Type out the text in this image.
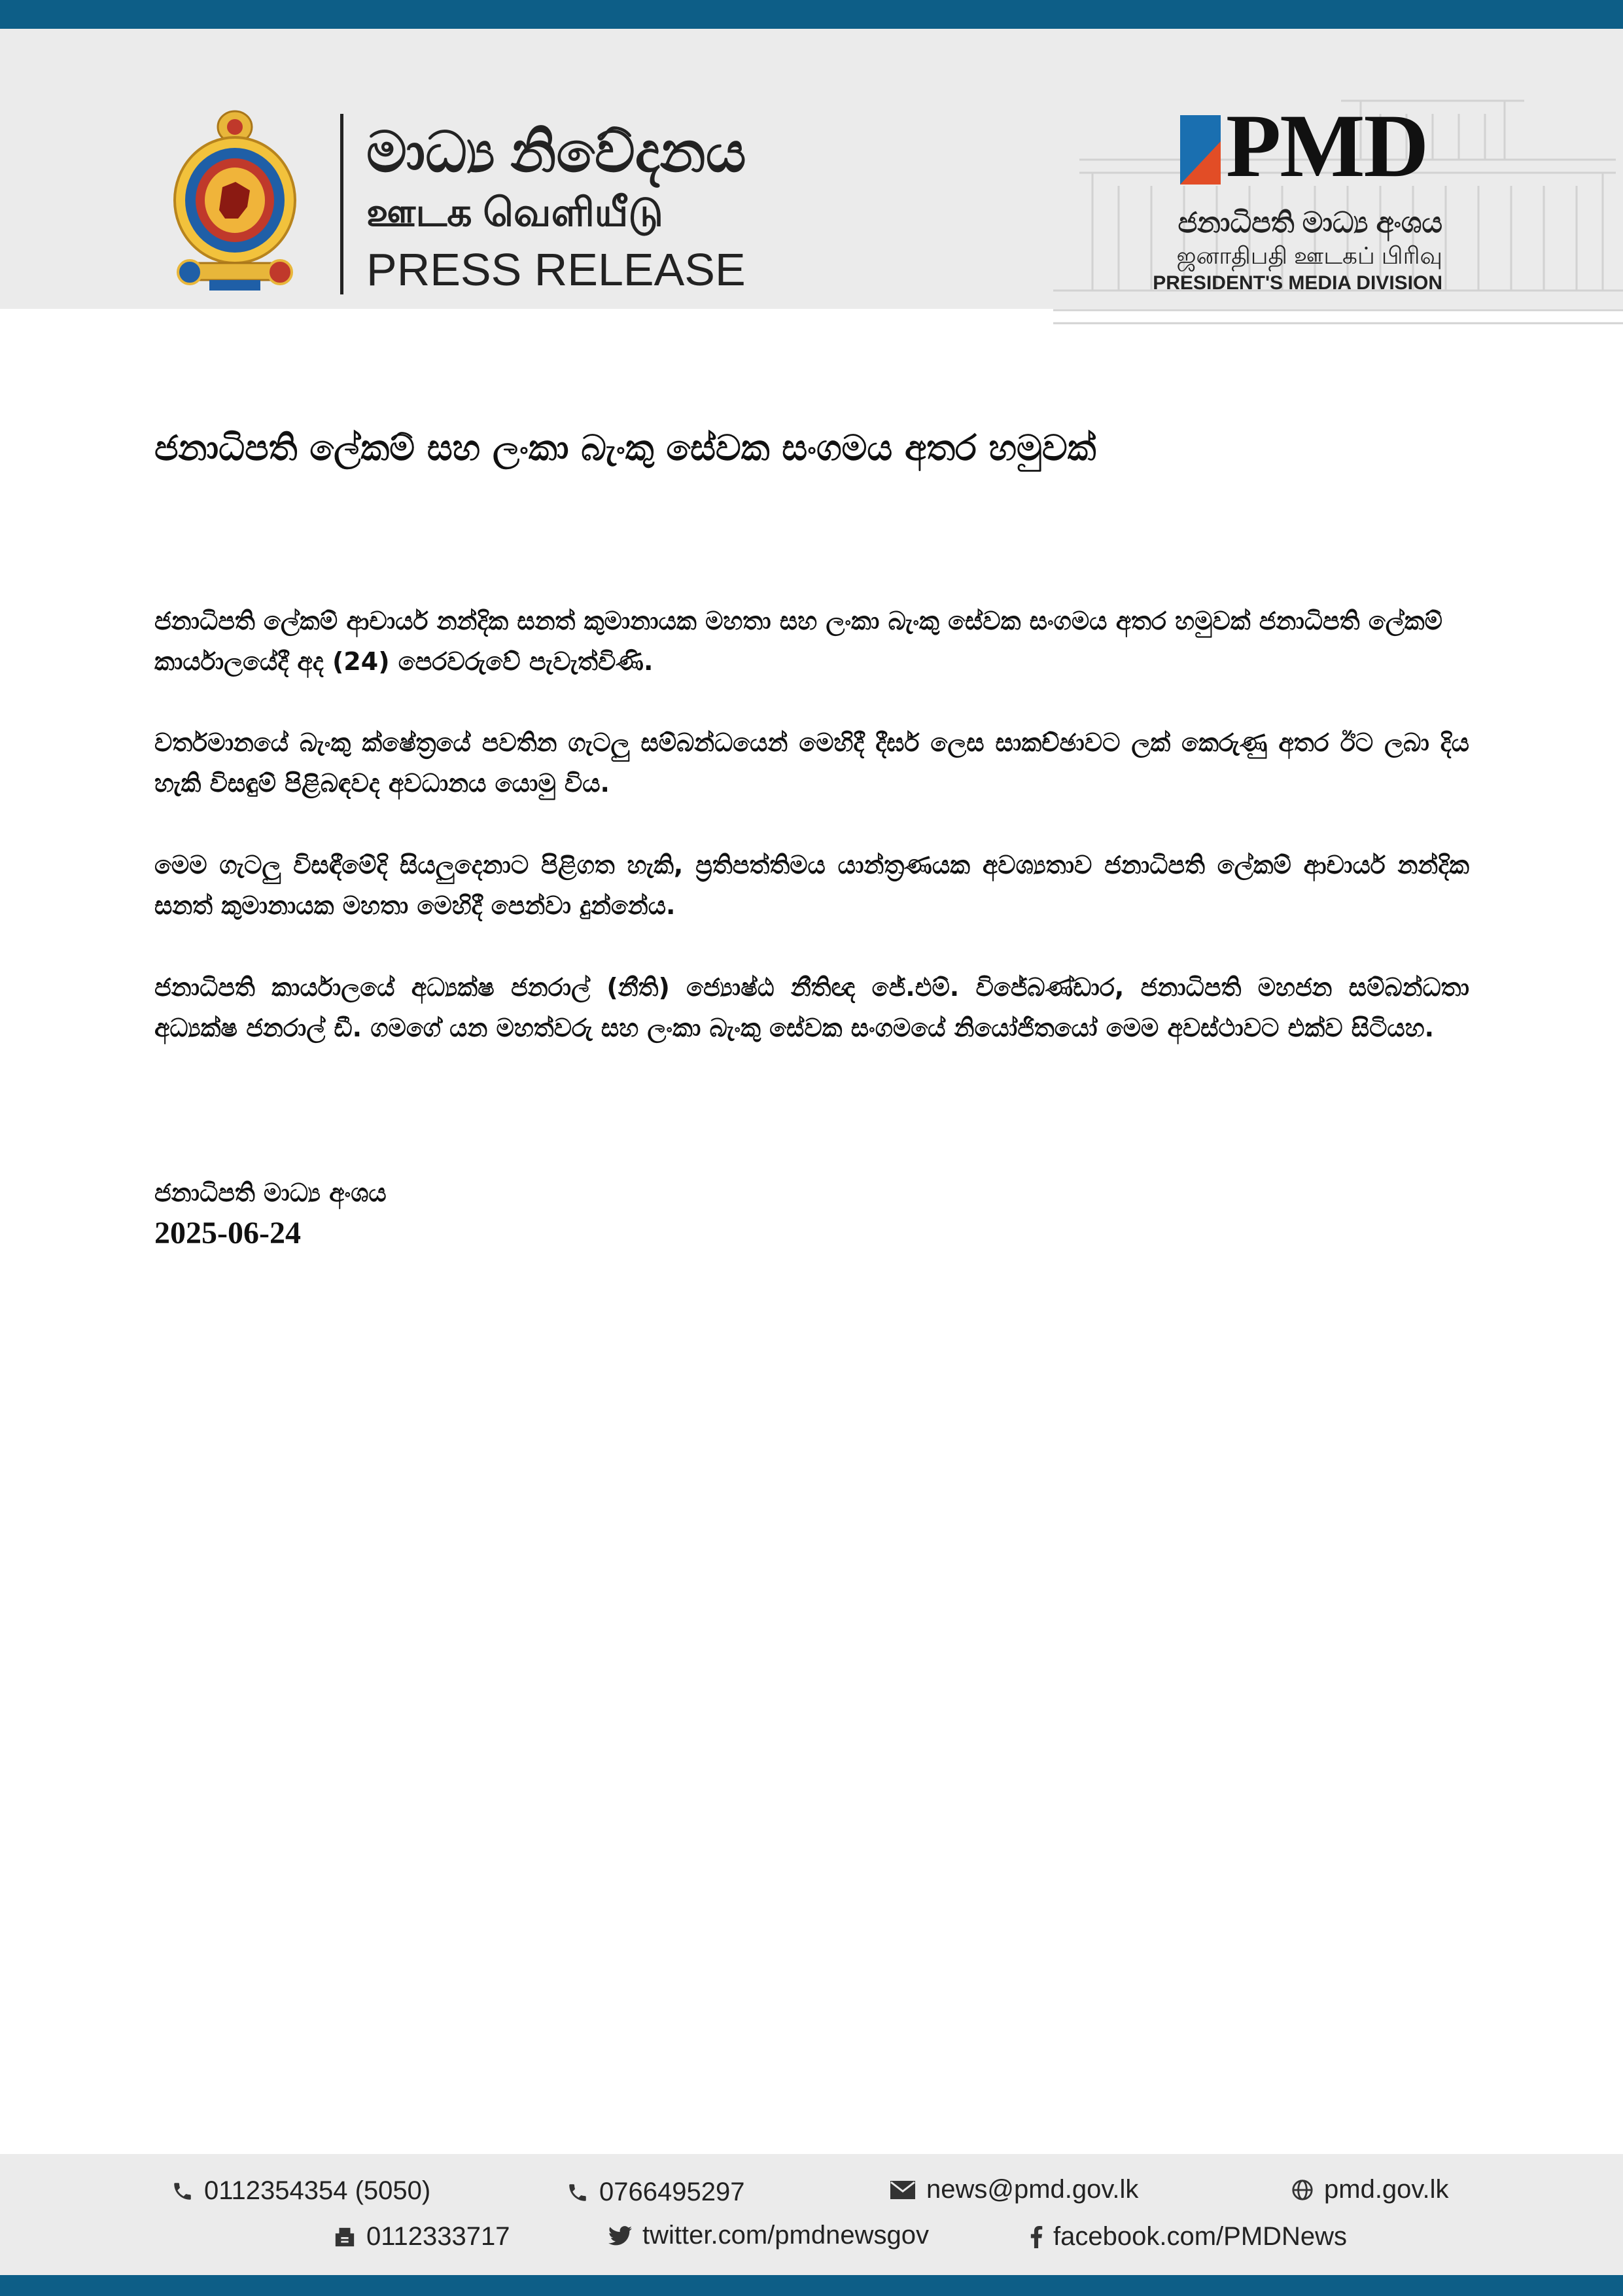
මාධ්‍ය නිවේදනය
ஊடக வெளியீடு
PRESS RELEASE
PMD
ජනාධිපති මාධ්‍ය අංශය
ஜனாதிபதி ஊடகப் பிரிவு
PRESIDENT'S MEDIA DIVISION
ජනාධිපති ලේකම් සහ ලංකා බැංකු සේවක සංගමය අතර හමුවක්
ජනාධිපති ලේකම් ආචාර්ය නන්දික සනත් කුමානායක මහතා සහ ලංකා බැංකු සේවක සංගමය අතර හමුවක් ජනාධිපති ලේකම් කාර්යාලයේදී අද (24) පෙරවරුවේ පැවැත්විණි.
වර්තමානයේ බැංකු ක්ෂේත්‍රයේ පවතින ගැටලු සම්බන්ධයෙන් මෙහිදී දීර්ඝ ලෙස සාකච්ඡාවට ලක් කෙරුණු අතර ඊට ලබා දිය හැකි විසඳුම් පිළිබඳවද අවධානය යොමු විය.
මෙම ගැටලු විසඳීමේදි සියලුදෙනාට පිළිගත හැකි, ප්‍රතිපත්තිමය යාන්ත්‍රණයක අවශ්‍යතාව ජනාධිපති ලේකම් ආචාර්ය නන්දික සනත් කුමානායක මහතා මෙහිදී පෙන්වා දුන්නේය.
ජනාධිපති කාර්යාලයේ අධ්‍යක්ෂ ජනරාල් (නීති) ජ්‍යොෂ්ඨ නීතිඥ ජේ.එම්. විජේබණ්ඩාර, ජනාධිපති මහජන සම්බන්ධතා අධ්‍යක්ෂ ජනරාල් ඩී. ගමගේ යන මහත්වරු සහ ලංකා බැංකු සේවක සංගමයේ නියෝජිතයෝ මෙම අවස්ථාවට එක්ව සිටියහ.
ජනාධිපති මාධ්‍ය අංශය
2025-06-24
0112354354 (5050)	0766495297	news@pmd.gov.lk	pmd.gov.lk
0112333717	twitter.com/pmdnewsgov	facebook.com/PMDNews
